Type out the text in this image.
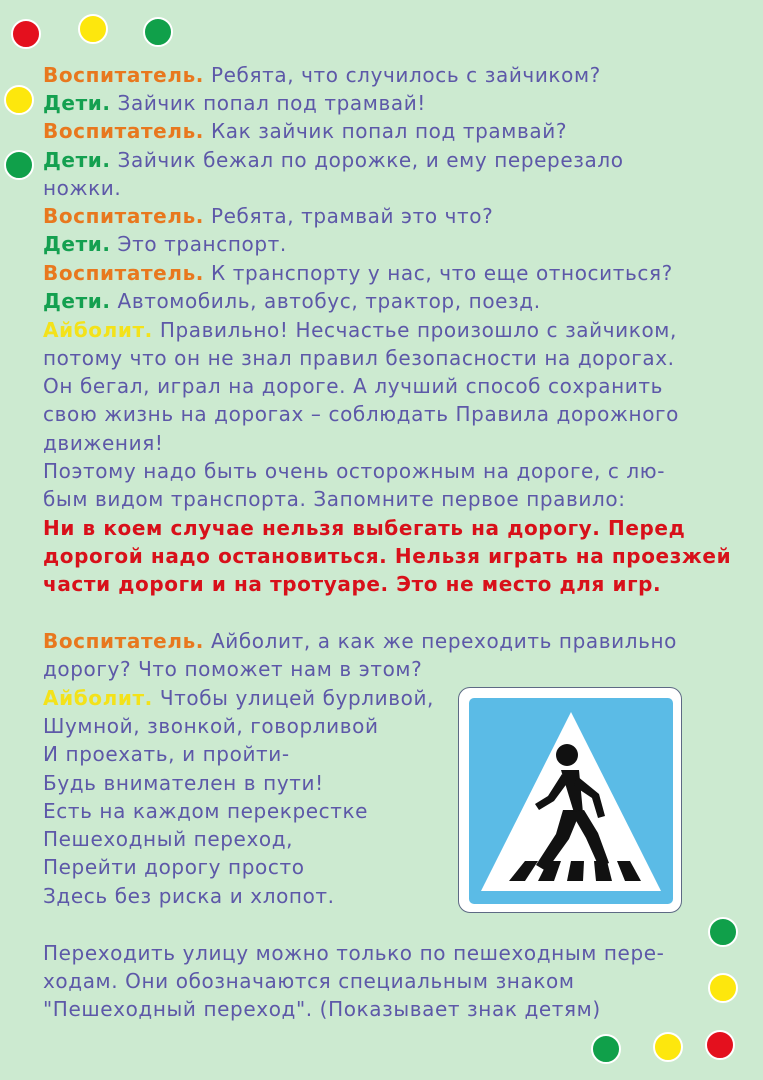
Воспитатель. Ребята, что случилось с зайчиком?
Дети. Зайчик попал под трамвай!
Воспитатель. Как зайчик попал под трамвай?
Дети. Зайчик бежал по дорожке, и ему перерезало
ножки.
Воспитатель. Ребята, трамвай это что?
Дети. Это транспорт.
Воспитатель. К транспорту у нас, что еще относиться?
Дети. Автомобиль, автобус, трактор, поезд.
Айболит. Правильно! Несчастье произошло с зайчиком,
потому что он не знал правил безопасности на дорогах.
Он бегал, играл на дороге. А лучший способ сохранить
свою жизнь на дорогах – соблюдать Правила дорожного
движения!
Поэтому надо быть очень осторожным на дороге, с лю-
бым видом транспорта. Запомните первое правило:
Ни в коем случае нельзя выбегать на дорогу. Перед
дорогой надо остановиться. Нельзя играть на проезжей
части дороги и на тротуаре. Это не место для игр.
Воспитатель. Айболит, а как же переходить правильно
дорогу? Что поможет нам в этом?
Айболит. Чтобы улицей бурливой,
Шумной, звонкой, говорливой
И проехать, и пройти-
Будь внимателен в пути!
Есть на каждом перекрестке
Пешеходный переход,
Перейти дорогу просто
Здесь без риска и хлопот.
Переходить улицу можно только по пешеходным пере-
ходам. Они обозначаются специальным знаком
"Пешеходный переход". (Показывает знак детям)
